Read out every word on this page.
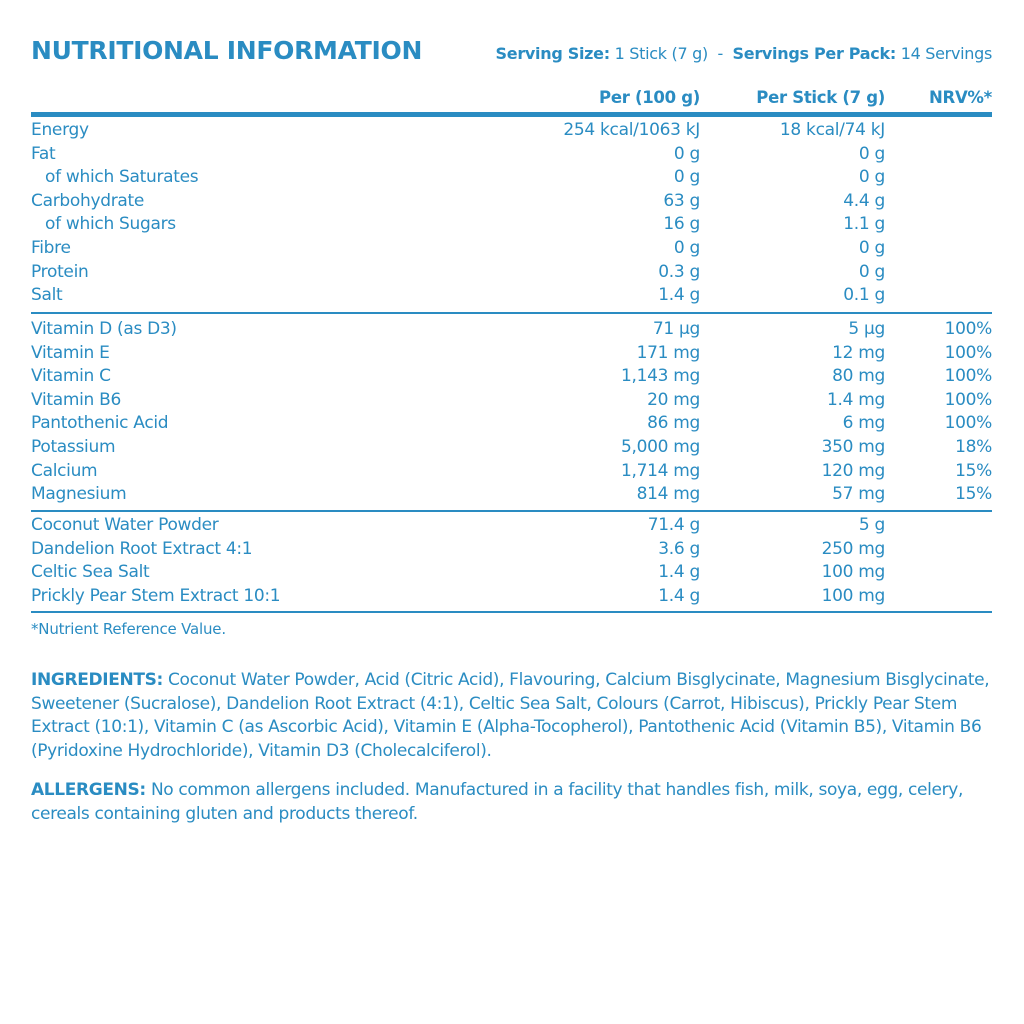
NUTRITIONAL INFORMATION	Serving Size: 1 Stick (7 g) - Servings Per Pack: 14 Servings
Per (100 g)	Per Stick (7 g)	NRV%*
Energy	254 kcal/1063 kJ	18 kcal/74 kJ
Fat	0 g	0 g
of which Saturates	0 g	0 g
Carbohydrate	63 g	4.4 g
of which Sugars	16 g	1.1 g
Fibre	0 g	0 g
Protein	0.3 g	0 g
Salt	1.4 g	0.1 g
Vitamin D (as D3)	71 µg	5 µg	100%
Vitamin E	171 mg	12 mg	100%
Vitamin C	1,143 mg	80 mg	100%
Vitamin B6	20 mg	1.4 mg	100%
Pantothenic Acid	86 mg	6 mg	100%
Potassium	5,000 mg	350 mg	18%
Calcium	1,714 mg	120 mg	15%
Magnesium	814 mg	57 mg	15%
Coconut Water Powder	71.4 g	5 g
Dandelion Root Extract 4:1	3.6 g	250 mg
Celtic Sea Salt	1.4 g	100 mg
Prickly Pear Stem Extract 10:1	1.4 g	100 mg
*Nutrient Reference Value.
INGREDIENTS: Coconut Water Powder, Acid (Citric Acid), Flavouring, Calcium Bisglycinate, Magnesium Bisglycinate, Sweetener (Sucralose), Dandelion Root Extract (4:1), Celtic Sea Salt, Colours (Carrot, Hibiscus), Prickly Pear Stem Extract (10:1), Vitamin C (as Ascorbic Acid), Vitamin E (Alpha-Tocopherol), Pantothenic Acid (Vitamin B5), Vitamin B6 (Pyridoxine Hydrochloride), Vitamin D3 (Cholecalciferol).
ALLERGENS: No common allergens included. Manufactured in a facility that handles fish, milk, soya, egg, celery, cereals containing gluten and products thereof.
